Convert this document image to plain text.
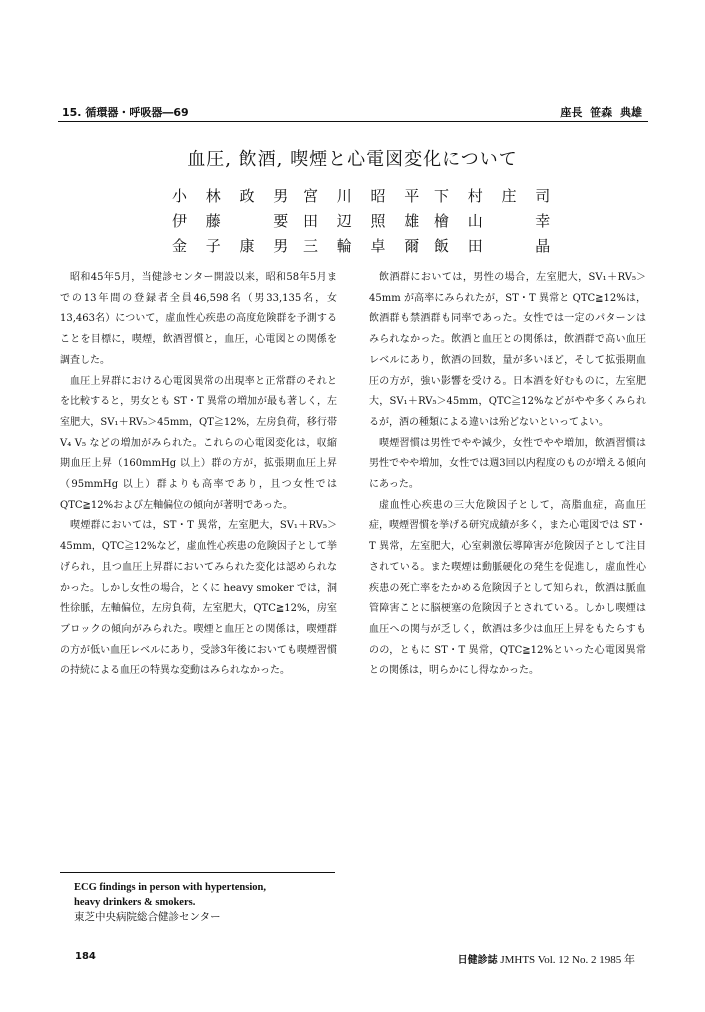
15. 循環器・呼吸器―69	座長 笹森 典雄
血圧, 飲酒, 喫煙と心電図変化について
小 林 政 男 宮 川 昭 平 下 村 庄 司
伊 藤 　 要 田 辺 照 雄 檜 山 　 幸
金 子 康 男 三 輪 卓 爾 飯 田 　 晶

昭和45年5月，当健診センター開設以来，昭和58年5月までの13年間の登録者全員46,598名（男33,135名，女13,463名）について，虚血性心疾患の高度危険群を予測することを目標に，喫煙，飲酒習慣と，血圧，心電図との関係を調査した。

血圧上昇群における心電図異常の出現率と正常群のそれとを比較すると，男女とも ST・T 異常の増加が最も著しく，左室肥大，SV₁＋RV₅＞45mm，QT≧12%，左房負荷，移行帯 V₄ V₅ などの増加がみられた。これらの心電図変化は，収縮期血圧上昇（160mmHg 以上）群の方が，拡張期血圧上昇（95mmHg 以上）群よりも高率であり，且つ女性では QTC≧12%および左軸偏位の傾向が著明であった。

喫煙群においては，ST・T 異常，左室肥大，SV₁＋RV₅＞45mm，QTC≧12%など，虚血性心疾患の危険因子として挙げられ，且つ血圧上昇群においてみられた変化は認められなかった。しかし女性の場合，とくに heavy smoker では，洞性徐脈，左軸偏位，左房負荷，左室肥大，QTC≧12%，房室ブロックの傾向がみられた。喫煙と血圧との関係は，喫煙群の方が低い血圧レベルにあり，受診3年後においても喫煙習慣の持続による血圧の特異な変動はみられなかった。

飲酒群においては，男性の場合，左室肥大，SV₁＋RV₅＞45mm が高率にみられたが，ST・T 異常と QTC≧12%は，飲酒群も禁酒群も同率であった。女性では一定のパターンはみられなかった。飲酒と血圧との関係は，飲酒群で高い血圧レベルにあり，飲酒の回数，量が多いほど，そして拡張期血圧の方が，強い影響を受ける。日本酒を好むものに，左室肥大，SV₁＋RV₅＞45mm，QTC≧12%などがやや多くみられるが，酒の種類による違いは殆どないといってよい。

喫煙習慣は男性でやや減少，女性でやや増加，飲酒習慣は男性でやや増加，女性では週3回以内程度のものが増える傾向にあった。

虚血性心疾患の三大危険因子として，高脂血症，高血圧症，喫煙習慣を挙げる研究成績が多く，また心電図では ST・T 異常，左室肥大，心室刺激伝導障害が危険因子として注目されている。また喫煙は動脈硬化の発生を促進し，虚血性心疾患の死亡率をたかめる危険因子として知られ，飲酒は脈血管障害ことに脳梗塞の危険因子とされている。しかし喫煙は血圧への関与が乏しく，飲酒は多少は血圧上昇をもたらすものの，ともに ST・T 異常，QTC≧12%といった心電図異常との関係は，明らかにし得なかった。

ECG findings in person with hypertension,
heavy drinkers & smokers.
東芝中央病院総合健診センター
184	日健診誌 JMHTS Vol. 12 No. 2 1985 年
